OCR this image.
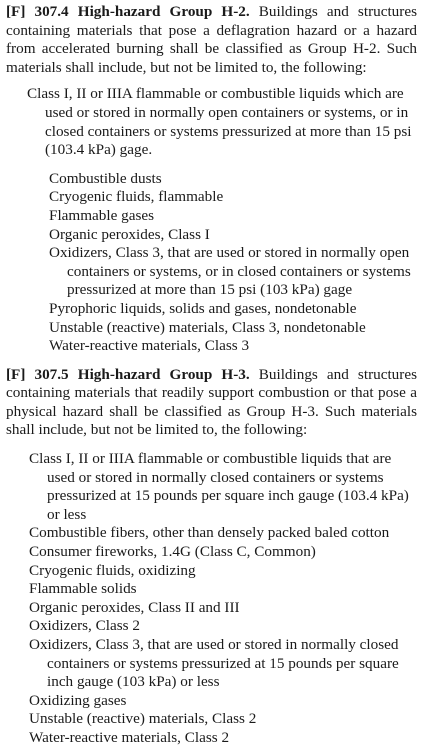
[F] 307.4 High-hazard Group H-2. Buildings and structures containing materials that pose a deflagration hazard or a hazard from accelerated burning shall be classified as Group H-2. Such materials shall include, but not be limited to, the following:
Class I, II or IIIA flammable or combustible liquids which are used or stored in normally open containers or systems, or in closed containers or systems pressurized at more than 15 psi (103.4 kPa) gage.
Combustible dusts
Cryogenic fluids, flammable
Flammable gases
Organic peroxides, Class I
Oxidizers, Class 3, that are used or stored in normally open containers or systems, or in closed containers or systems pressurized at more than 15 psi (103 kPa) gage
Pyrophoric liquids, solids and gases, nondetonable
Unstable (reactive) materials, Class 3, nondetonable
Water-reactive materials, Class 3
[F] 307.5 High-hazard Group H-3. Buildings and structures containing materials that readily support combustion or that pose a physical hazard shall be classified as Group H-3. Such materials shall include, but not be limited to, the following:
Class I, II or IIIA flammable or combustible liquids that are used or stored in normally closed containers or systems pressurized at 15 pounds per square inch gauge (103.4 kPa) or less
Combustible fibers, other than densely packed baled cotton
Consumer fireworks, 1.4G (Class C, Common)
Cryogenic fluids, oxidizing
Flammable solids
Organic peroxides, Class II and III
Oxidizers, Class 2
Oxidizers, Class 3, that are used or stored in normally closed containers or systems pressurized at 15 pounds per square inch gauge (103 kPa) or less
Oxidizing gases
Unstable (reactive) materials, Class 2
Water-reactive materials, Class 2
